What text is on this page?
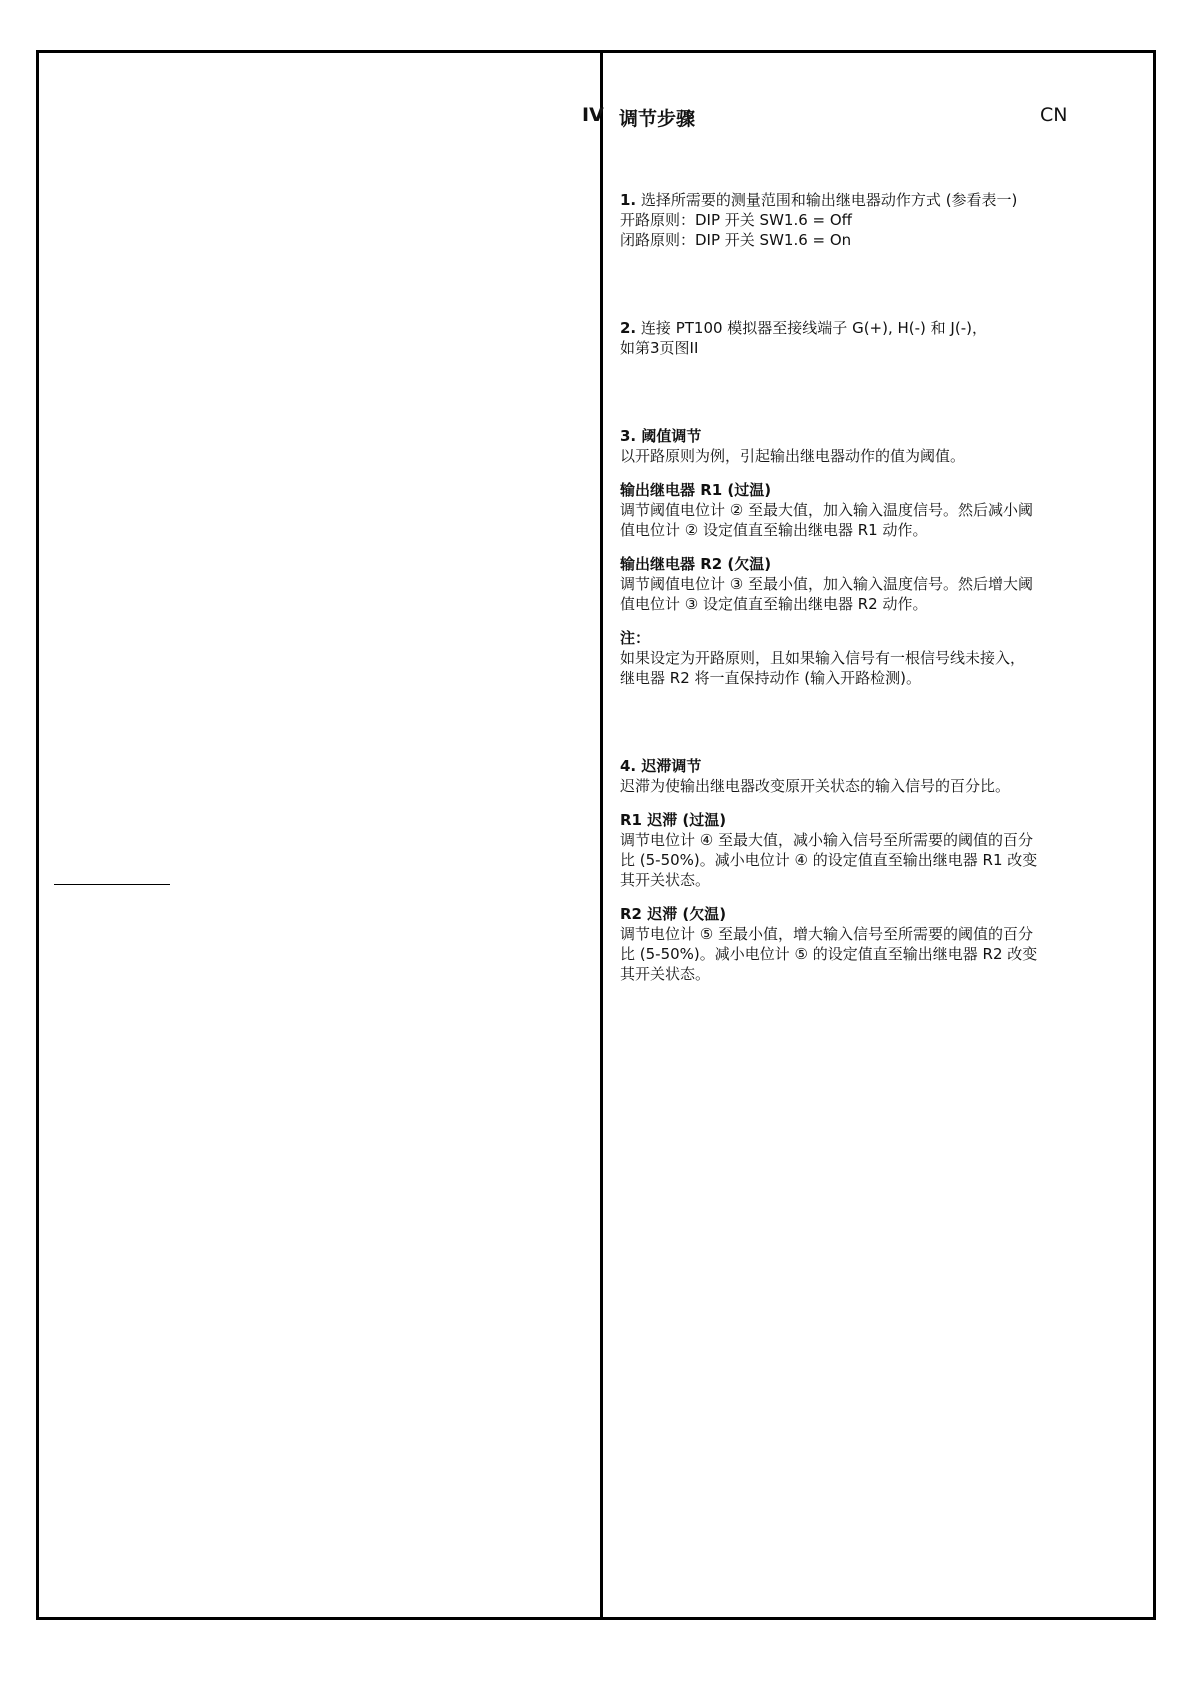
IV 调节步骤	CN

1. 选择所需要的测量范围和输出继电器动作方式 (参看表一)

开路原则：DIP 开关 SW1.6 = Off

闭路原则：DIP 开关 SW1.6 = On

2. 连接 PT100 模拟器至接线端子 G(+), H(-) 和 J(-)，

如第3页图II

3. 阈值调节

以开路原则为例，引起输出继电器动作的值为阈值。

输出继电器 R1 (过温)

调节阈值电位计 ② 至最大值，加入输入温度信号。然后减小阈

值电位计 ② 设定值直至输出继电器 R1 动作。

输出继电器 R2 (欠温)

调节阈值电位计 ③ 至最小值，加入输入温度信号。然后增大阈

值电位计 ③ 设定值直至输出继电器 R2 动作。

注：

如果设定为开路原则，且如果输入信号有一根信号线未接入，

继电器 R2 将一直保持动作 (输入开路检测)。

4. 迟滞调节

迟滞为使输出继电器改变原开关状态的输入信号的百分比。

R1 迟滞 (过温)

调节电位计 ④ 至最大值，减小输入信号至所需要的阈值的百分

比 (5-50%)。减小电位计 ④ 的设定值直至输出继电器 R1 改变

其开关状态。

R2 迟滞 (欠温)

调节电位计 ⑤ 至最小值，增大输入信号至所需要的阈值的百分

比 (5-50%)。减小电位计 ⑤ 的设定值直至输出继电器 R2 改变

其开关状态。
